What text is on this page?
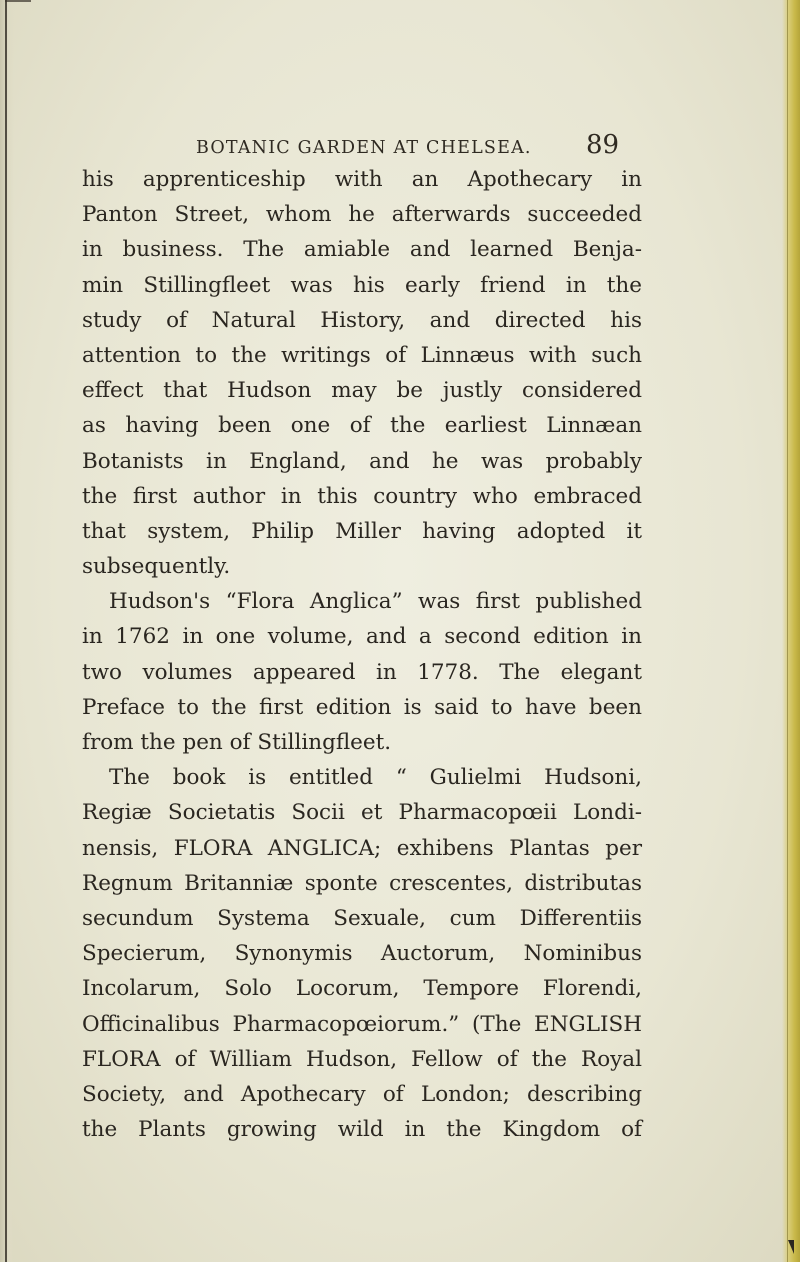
BOTANIC GARDEN AT CHELSEA.	89
his apprenticeship with an Apothecary in
Panton Street, whom he afterwards succeeded
in business. The amiable and learned Benja-
min Stillingfleet was his early friend in the
study of Natural History, and directed his
attention to the writings of Linnæus with such
effect that Hudson may be justly considered
as having been one of the earliest Linnæan
Botanists in England, and he was probably
the first author in this country who embraced
that system, Philip Miller having adopted it
subsequently.
Hudson's “Flora Anglica” was first published
in 1762 in one volume, and a second edition in
two volumes appeared in 1778. The elegant
Preface to the first edition is said to have been
from the pen of Stillingfleet.
The book is entitled “ Gulielmi Hudsoni,
Regiæ Societatis Socii et Pharmacopœii Londi-
nensis, FLORA ANGLICA; exhibens Plantas per
Regnum Britanniæ sponte crescentes, distributas
secundum Systema Sexuale, cum Differentiis
Specierum, Synonymis Auctorum, Nominibus
Incolarum, Solo Locorum, Tempore Florendi,
Officinalibus Pharmacopœiorum.” (The ENGLISH
FLORA of William Hudson, Fellow of the Royal
Society, and Apothecary of London; describing
the Plants growing wild in the Kingdom of
